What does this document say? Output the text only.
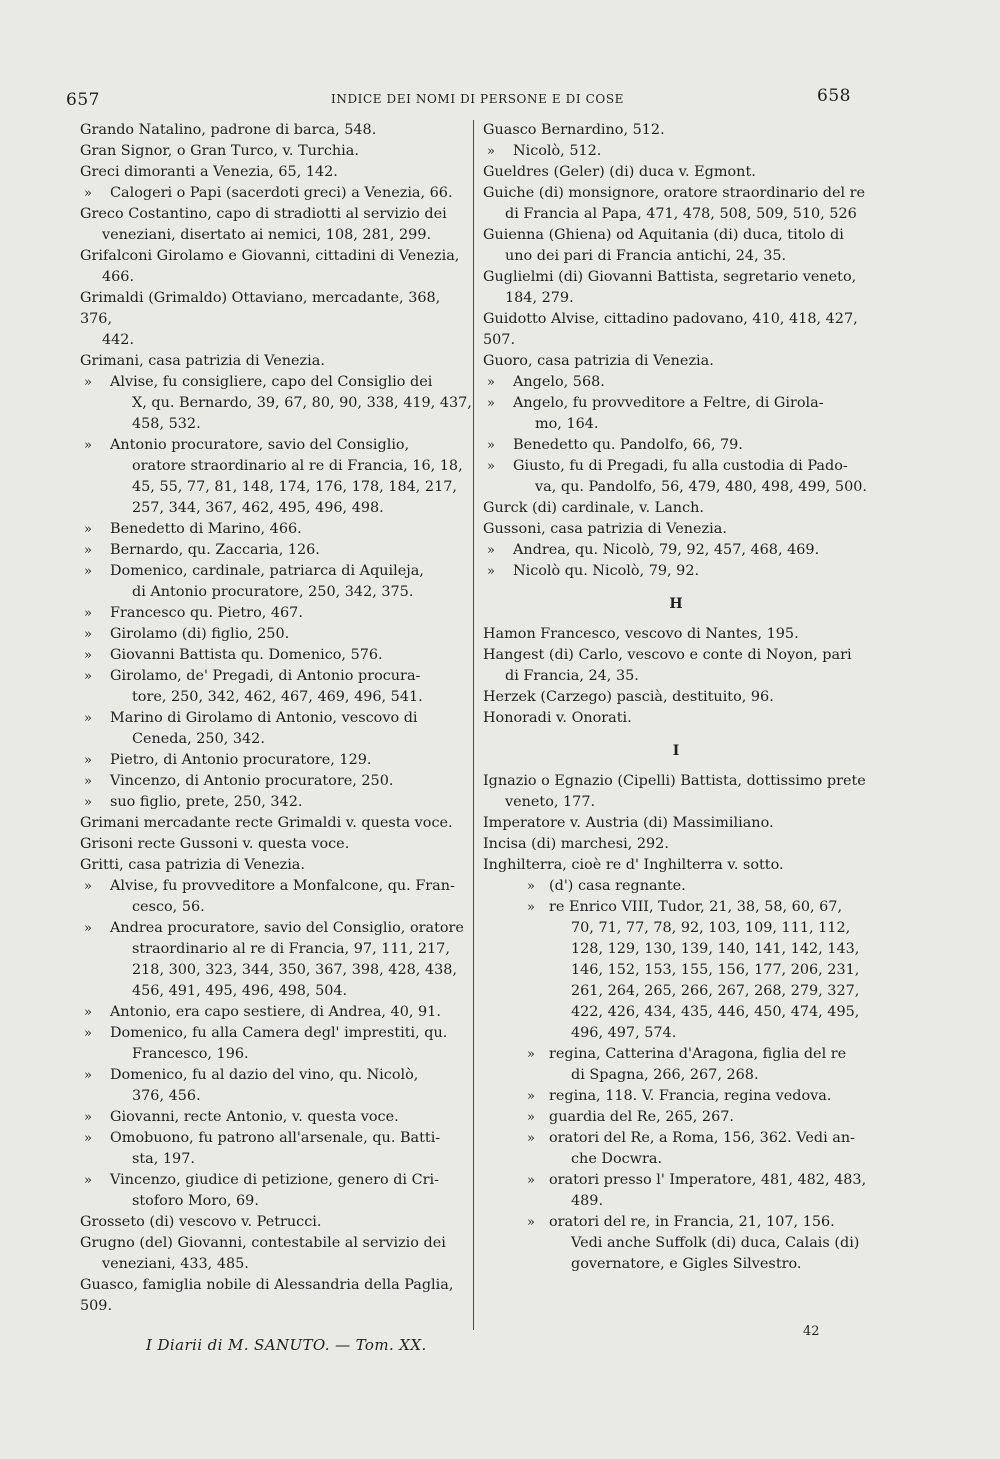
657	INDICE DEI NOMI DI PERSONE E DI COSE	658
Grando Natalino, padrone di barca, 548.
Gran Signor, o Gran Turco, v. Turchia.
Greci dimoranti a Venezia, 65, 142.
» Calogeri o Papi (sacerdoti greci) a Venezia, 66.
Greco Costantino, capo di stradiotti al servizio dei
veneziani, disertato ai nemici, 108, 281, 299.
Grifalconi Girolamo e Giovanni, cittadini di Venezia,
466.
Grimaldi (Grimaldo) Ottaviano, mercadante, 368, 376,
442.
Grimani, casa patrizia di Venezia.
» Alvise, fu consigliere, capo del Consiglio dei
X, qu. Bernardo, 39, 67, 80, 90, 338, 419, 437, 458, 532.
» Antonio procuratore, savio del Consiglio,
oratore straordinario al re di Francia, 16, 18, 45, 55, 77, 81, 148, 174, 176, 178, 184, 217, 257, 344, 367, 462, 495, 496, 498.
» Benedetto di Marino, 466.
» Bernardo, qu. Zaccaria, 126.
» Domenico, cardinale, patriarca di Aquileja,
di Antonio procuratore, 250, 342, 375.
» Francesco qu. Pietro, 467.
» Girolamo (di) figlio, 250.
» Giovanni Battista qu. Domenico, 576.
» Girolamo, de' Pregadi, di Antonio procura-
tore, 250, 342, 462, 467, 469, 496, 541.
» Marino di Girolamo di Antonio, vescovo di
Ceneda, 250, 342.
» Pietro, di Antonio procuratore, 129.
» Vincenzo, di Antonio procuratore, 250.
» suo figlio, prete, 250, 342.
Grimani mercadante recte Grimaldi v. questa voce.
Grisoni recte Gussoni v. questa voce.
Gritti, casa patrizia di Venezia.
» Alvise, fu provveditore a Monfalcone, qu. Fran-
cesco, 56.
» Andrea procuratore, savio del Consiglio, oratore
straordinario al re di Francia, 97, 111, 217, 218, 300, 323, 344, 350, 367, 398, 428, 438, 456, 491, 495, 496, 498, 504.
» Antonio, era capo sestiere, di Andrea, 40, 91.
» Domenico, fu alla Camera degl' imprestiti, qu.
Francesco, 196.
» Domenico, fu al dazio del vino, qu. Nicolò,
376, 456.
» Giovanni, recte Antonio, v. questa voce.
» Omobuono, fu patrono all'arsenale, qu. Batti-
sta, 197.
» Vincenzo, giudice di petizione, genero di Cri-
stoforo Moro, 69.
Grosseto (di) vescovo v. Petrucci.
Grugno (del) Giovanni, contestabile al servizio dei
veneziani, 433, 485.
Guasco, famiglia nobile di Alessandria della Paglia, 509.
Guasco Bernardino, 512.
» Nicolò, 512.
Gueldres (Geler) (di) duca v. Egmont.
Guiche (di) monsignore, oratore straordinario del re
di Francia al Papa, 471, 478, 508, 509, 510, 526
Guienna (Ghiena) od Aquitania (di) duca, titolo di
uno dei pari di Francia antichi, 24, 35.
Guglielmi (di) Giovanni Battista, segretario veneto,
184, 279.
Guidotto Alvise, cittadino padovano, 410, 418, 427, 507.
Guoro, casa patrizia di Venezia.
» Angelo, 568.
» Angelo, fu provveditore a Feltre, di Girola-
mo, 164.
» Benedetto qu. Pandolfo, 66, 79.
» Giusto, fu di Pregadi, fu alla custodia di Pado-
va, qu. Pandolfo, 56, 479, 480, 498, 499, 500.
Gurck (di) cardinale, v. Lanch.
Gussoni, casa patrizia di Venezia.
» Andrea, qu. Nicolò, 79, 92, 457, 468, 469.
» Nicolò qu. Nicolò, 79, 92.
H
Hamon Francesco, vescovo di Nantes, 195.
Hangest (di) Carlo, vescovo e conte di Noyon, pari
di Francia, 24, 35.
Herzek (Carzego) pascià, destituito, 96.
Honoradi v. Onorati.
I
Ignazio o Egnazio (Cipelli) Battista, dottissimo prete
veneto, 177.
Imperatore v. Austria (di) Massimiliano.
Incisa (di) marchesi, 292.
Inghilterra, cioè re d' Inghilterra v. sotto.
» (d') casa regnante.
» re Enrico VIII, Tudor, 21, 38, 58, 60, 67,
70, 71, 77, 78, 92, 103, 109, 111, 112, 128, 129, 130, 139, 140, 141, 142, 143, 146, 152, 153, 155, 156, 177, 206, 231, 261, 264, 265, 266, 267, 268, 279, 327, 422, 426, 434, 435, 446, 450, 474, 495, 496, 497, 574.
» regina, Catterina d'Aragona, figlia del re
di Spagna, 266, 267, 268.
» regina, 118. V. Francia, regina vedova.
» guardia del Re, 265, 267.
» oratori del Re, a Roma, 156, 362. Vedi an-
che Docwra.
» oratori presso l' Imperatore, 481, 482, 483,
489.
» oratori del re, in Francia, 21, 107, 156.
Vedi anche Suffolk (di) duca, Calais (di) governatore, e Gigles Silvestro.
I Diarii di M. SANUTO. — Tom. XX.
42
